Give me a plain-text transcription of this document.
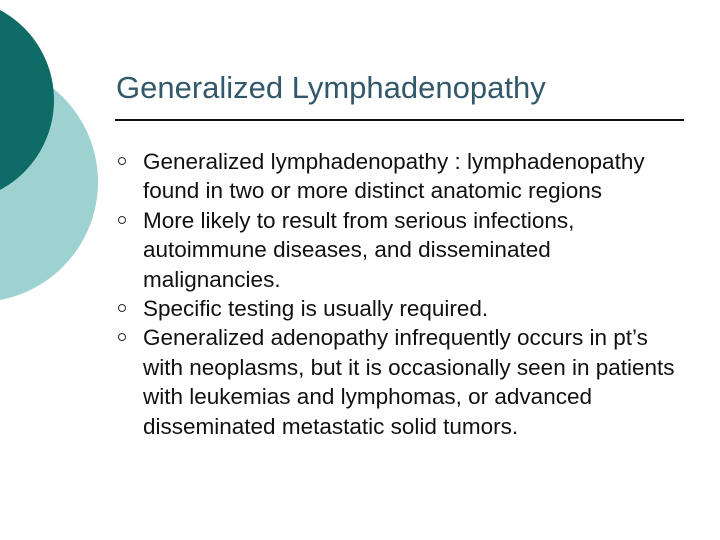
Generalized Lymphadenopathy
Generalized lymphadenopathy : lymphadenopathy found in two or more distinct anatomic regions
More likely to result from serious infections, autoimmune diseases, and disseminated malignancies.
Specific testing is usually required.
Generalized adenopathy infrequently occurs in pt’s with neoplasms, but it is occasionally seen in patients with leukemias and lymphomas, or advanced disseminated metastatic solid tumors.
